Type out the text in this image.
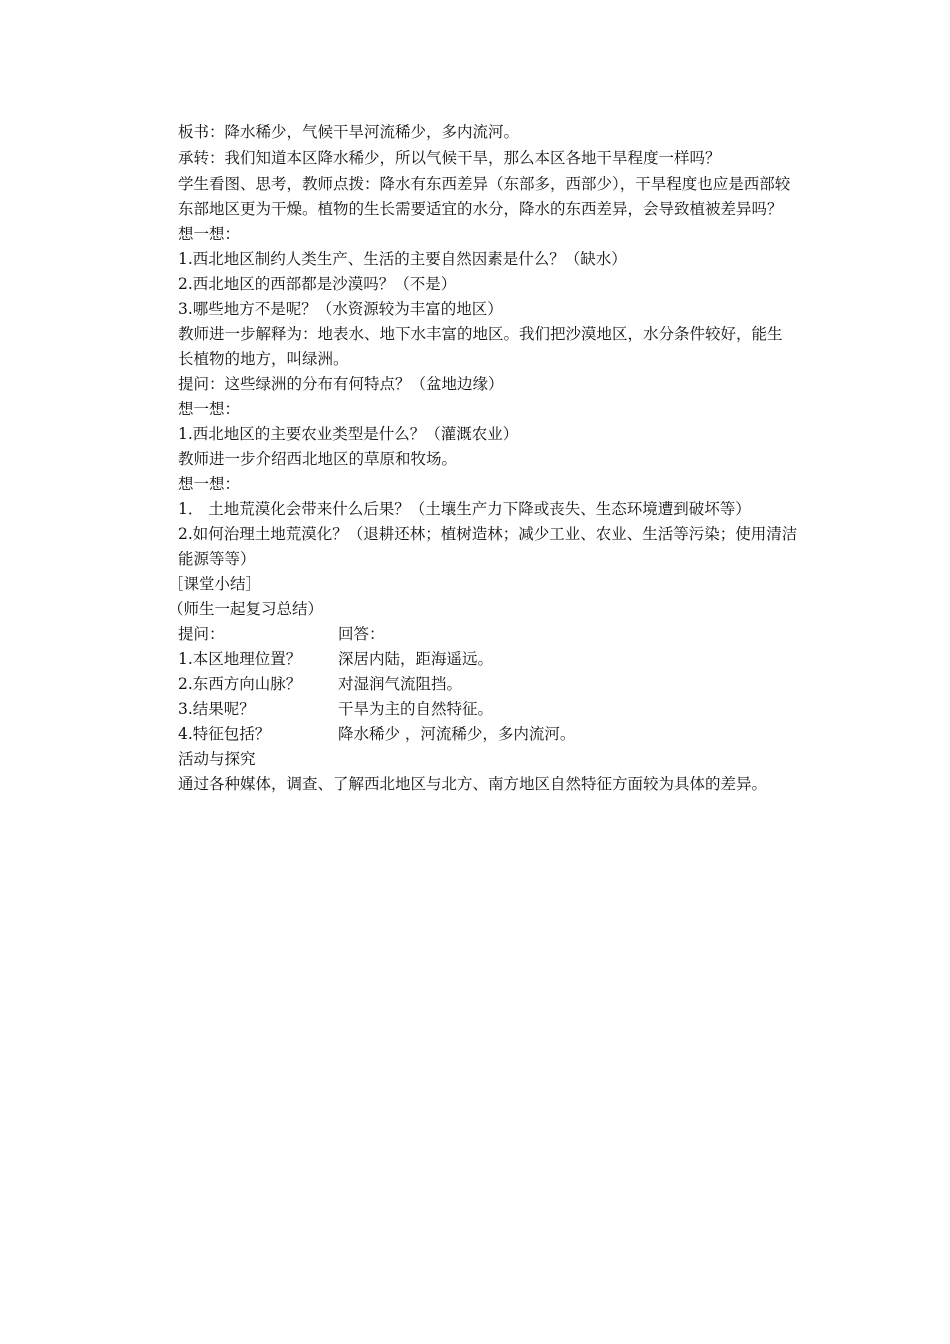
板书：降水稀少，气候干旱河流稀少，多内流河。
承转：我们知道本区降水稀少，所以气候干旱，那么本区各地干旱程度一样吗？
学生看图、思考，教师点拨：降水有东西差异（东部多，西部少），干旱程度也应是西部较
东部地区更为干燥。植物的生长需要适宜的水分，降水的东西差异，会导致植被差异吗？
想一想：
1.西北地区制约人类生产、生活的主要自然因素是什么？（缺水）
2.西北地区的西部都是沙漠吗？（不是）
3.哪些地方不是呢？（水资源较为丰富的地区）
教师进一步解释为：地表水、地下水丰富的地区。我们把沙漠地区，水分条件较好，能生
长植物的地方，叫绿洲。
提问：这些绿洲的分布有何特点？（盆地边缘）
想一想：
1.西北地区的主要农业类型是什么？（灌溉农业）
教师进一步介绍西北地区的草原和牧场。
想一想：
1． 土地荒漠化会带来什么后果？（土壤生产力下降或丧失、生态环境遭到破坏等）
2.如何治理土地荒漠化？（退耕还林；植树造林；减少工业、农业、生活等污染；使用清洁
能源等等）
［课堂小结］
（师生一起复习总结）
提问：	回答：
1.本区地理位置？ 深居内陆，距海遥远。
2.东西方向山脉？ 对湿润气流阻挡。
3.结果呢？	干旱为主的自然特征。
4.特征包括？	降水稀少 ，河流稀少，多内流河。
活动与探究
通过各种媒体，调查、了解西北地区与北方、南方地区自然特征方面较为具体的差异。
